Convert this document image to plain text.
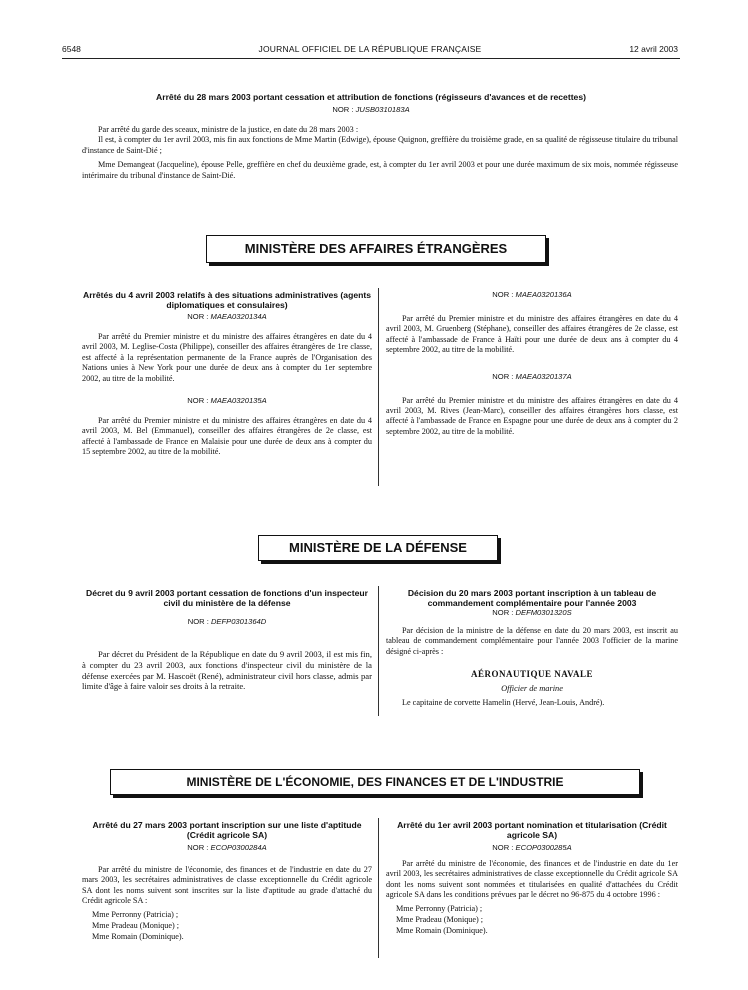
6548	JOURNAL OFFICIEL DE LA RÉPUBLIQUE FRANÇAISE	12 avril 2003
Arrêté du 28 mars 2003 portant cessation et attribution de fonctions (régisseurs d'avances et de recettes)
NOR : JUSB0310183A

Par arrêté du garde des sceaux, ministre de la justice, en date du 28 mars 2003 :

Il est, à compter du 1er avril 2003, mis fin aux fonctions de Mme Martin (Edwige), épouse Quignon, greffière du troisième grade, en sa qualité de régisseuse titulaire du tribunal d'instance de Saint-Dié ;

Mme Demangeat (Jacqueline), épouse Pelle, greffière en chef du deuxième grade, est, à compter du 1er avril 2003 et pour une durée maximum de six mois, nommée régisseuse intérimaire du tribunal d'instance de Saint-Dié.

MINISTÈRE DES AFFAIRES ÉTRANGÈRES
Arrêtés du 4 avril 2003 relatifs à des situations administratives (agents diplomatiques et consulaires)
NOR : MAEA0320134A

Par arrêté du Premier ministre et du ministre des affaires étrangères en date du 4 avril 2003, M. Leglise-Costa (Philippe), conseiller des affaires étrangères de 1re classe, est affecté à la représentation permanente de la France auprès de l'Organisation des Nations unies à New York pour une durée de deux ans à compter du 1er septembre 2002, au titre de la mobilité.

NOR : MAEA0320135A

Par arrêté du Premier ministre et du ministre des affaires étrangères en date du 4 avril 2003, M. Bel (Emmanuel), conseiller des affaires étrangères de 2e classe, est affecté à l'ambassade de France en Malaisie pour une durée de deux ans à compter du 15 septembre 2002, au titre de la mobilité.

NOR : MAEA0320136A

Par arrêté du Premier ministre et du ministre des affaires étrangères en date du 4 avril 2003, M. Gruenberg (Stéphane), conseiller des affaires étrangères de 2e classe, est affecté à l'ambassade de France à Haïti pour une durée de deux ans à compter du 4 septembre 2002, au titre de la mobilité.

NOR : MAEA0320137A

Par arrêté du Premier ministre et du ministre des affaires étrangères en date du 4 avril 2003, M. Rives (Jean-Marc), conseiller des affaires étrangères hors classe, est affecté à l'ambassade de France en Espagne pour une durée de deux ans à compter du 2 septembre 2002, au titre de la mobilité.

MINISTÈRE DE LA DÉFENSE
Décret du 9 avril 2003 portant cessation de fonctions d'un inspecteur civil du ministère de la défense
NOR : DEFP0301364D

Par décret du Président de la République en date du 9 avril 2003, il est mis fin, à compter du 23 avril 2003, aux fonctions d'inspecteur civil du ministère de la défense exercées par M. Hascoët (René), administrateur civil hors classe, admis par limite d'âge à faire valoir ses droits à la retraite.

Décision du 20 mars 2003 portant inscription à un tableau de commandement complémentaire pour l'année 2003
NOR : DEFM0301320S

Par décision de la ministre de la défense en date du 20 mars 2003, est inscrit au tableau de commandement complémentaire pour l'année 2003 l'officier de la marine désigné ci-après :

AÉRONAUTIQUE NAVALE
Officier de marine

Le capitaine de corvette Hamelin (Hervé, Jean-Louis, André).

MINISTÈRE DE L'ÉCONOMIE, DES FINANCES ET DE L'INDUSTRIE
Arrêté du 27 mars 2003 portant inscription sur une liste d'aptitude (Crédit agricole SA)
NOR : ECOP0300284A

Par arrêté du ministre de l'économie, des finances et de l'industrie en date du 27 mars 2003, les secrétaires administratives de classe exceptionnelle du Crédit agricole SA dont les noms suivent sont inscrites sur la liste d'aptitude au grade d'attaché du Crédit agricole SA :

Mme Perronny (Patricia) ;
Mme Pradeau (Monique) ;
Mme Romain (Dominique).
Arrêté du 1er avril 2003 portant nomination et titularisation (Crédit agricole SA)
NOR : ECOP0300285A

Par arrêté du ministre de l'économie, des finances et de l'industrie en date du 1er avril 2003, les secrétaires administratives de classe exceptionnelle du Crédit agricole SA dont les noms suivent sont nommées et titularisées en qualité d'attachées du Crédit agricole SA dans les conditions prévues par le décret no 96-875 du 4 octobre 1996 :

Mme Perronny (Patricia) ;
Mme Pradeau (Monique) ;
Mme Romain (Dominique).
